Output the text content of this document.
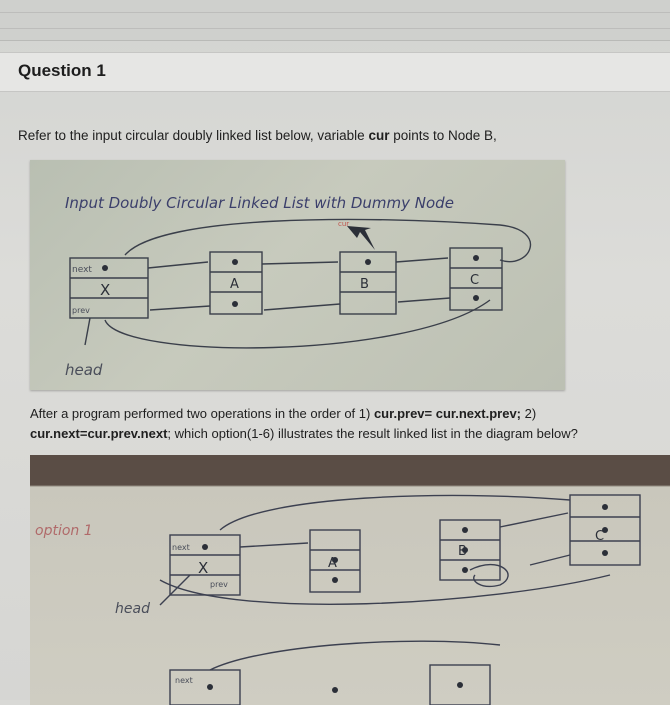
Question 1
Refer to the input circular doubly linked list below, variable cur points to Node B,
Input Doubly Circular Linked List with Dummy Node
cur
next
X
prev
A	B	C
head
After a program performed two operations in the order of 1) cur.prev= cur.next.prev; 2)
cur.next=cur.prev.next; which option(1-6) illustrates the result linked list in the diagram below?
option 1
next
X
prev
A
B
C
head
next
